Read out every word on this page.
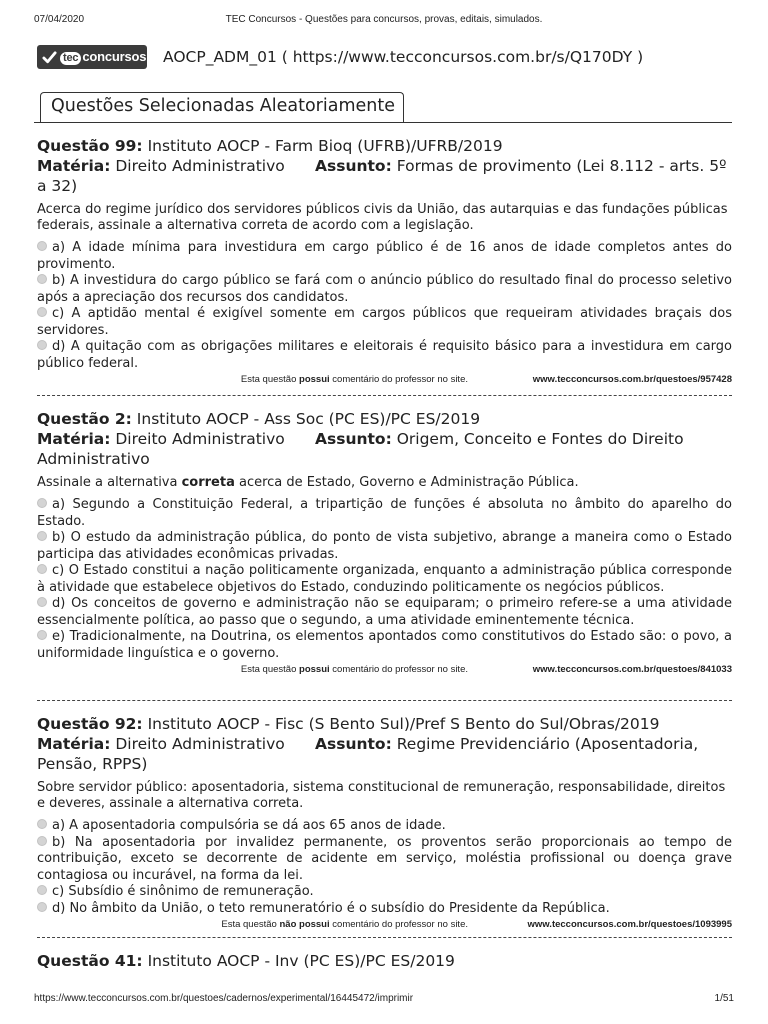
07/04/2020	TEC Concursos - Questões para concursos, provas, editais, simulados.
tec concursos AOCP_ADM_01 ( https://www.tecconcursos.com.br/s/Q170DY )
Questões Selecionadas Aleatoriamente
Questão 99: Instituto AOCP - Farm Bioq (UFRB)/UFRB/2019
Matéria: Direito Administrativo Assunto: Formas de provimento (Lei 8.112 - arts. 5º a 32)
Acerca do regime jurídico dos servidores públicos civis da União, das autarquias e das fundações públicas federais, assinale a alternativa correta de acordo com a legislação.
a) A idade mínima para investidura em cargo público é de 16 anos de idade completos antes do provimento.
b) A investidura do cargo público se fará com o anúncio público do resultado final do processo seletivo após a apreciação dos recursos dos candidatos.
c) A aptidão mental é exigível somente em cargos públicos que requeiram atividades braçais dos servidores.
d) A quitação com as obrigações militares e eleitorais é requisito básico para a investidura em cargo público federal.
Esta questão possui comentário do professor no site.	www.tecconcursos.com.br/questoes/957428
Questão 2: Instituto AOCP - Ass Soc (PC ES)/PC ES/2019
Matéria: Direito Administrativo Assunto: Origem, Conceito e Fontes do Direito Administrativo
Assinale a alternativa correta acerca de Estado, Governo e Administração Pública.
a) Segundo a Constituição Federal, a tripartição de funções é absoluta no âmbito do aparelho do Estado.
b) O estudo da administração pública, do ponto de vista subjetivo, abrange a maneira como o Estado participa das atividades econômicas privadas.
c) O Estado constitui a nação politicamente organizada, enquanto a administração pública corresponde à atividade que estabelece objetivos do Estado, conduzindo politicamente os negócios públicos.
d) Os conceitos de governo e administração não se equiparam; o primeiro refere-se a uma atividade essencialmente política, ao passo que o segundo, a uma atividade eminentemente técnica.
e) Tradicionalmente, na Doutrina, os elementos apontados como constitutivos do Estado são: o povo, a uniformidade linguística e o governo.
Esta questão possui comentário do professor no site.	www.tecconcursos.com.br/questoes/841033
Questão 92: Instituto AOCP - Fisc (S Bento Sul)/Pref S Bento do Sul/Obras/2019
Matéria: Direito Administrativo Assunto: Regime Previdenciário (Aposentadoria, Pensão, RPPS)
Sobre servidor público: aposentadoria, sistema constitucional de remuneração, responsabilidade, direitos e deveres, assinale a alternativa correta.
a) A aposentadoria compulsória se dá aos 65 anos de idade.
b) Na aposentadoria por invalidez permanente, os proventos serão proporcionais ao tempo de contribuição, exceto se decorrente de acidente em serviço, moléstia profissional ou doença grave contagiosa ou incurável, na forma da lei.
c) Subsídio é sinônimo de remuneração.
d) No âmbito da União, o teto remuneratório é o subsídio do Presidente da República.
Esta questão não possui comentário do professor no site.	www.tecconcursos.com.br/questoes/1093995
Questão 41: Instituto AOCP - Inv (PC ES)/PC ES/2019
https://www.tecconcursos.com.br/questoes/cadernos/experimental/16445472/imprimir	1/51
